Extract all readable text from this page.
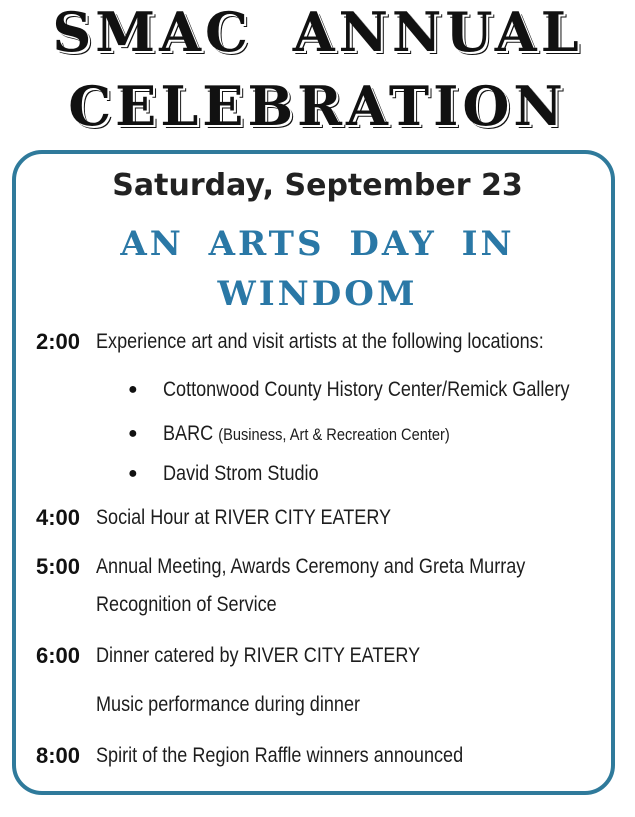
SMAC ANNUAL
CELEBRATION
Saturday, September 23
AN ARTS DAY IN
WINDOM
2:00 Experience art and visit artists at the following locations:
● Cottonwood County History Center/Remick Gallery
● BARC (Business, Art & Recreation Center)
● David Strom Studio
4:00 Social Hour at RIVER CITY EATERY
5:00 Annual Meeting, Awards Ceremony and Greta Murray
Recognition of Service
6:00 Dinner catered by RIVER CITY EATERY
Music performance during dinner
8:00 Spirit of the Region Raffle winners announced
